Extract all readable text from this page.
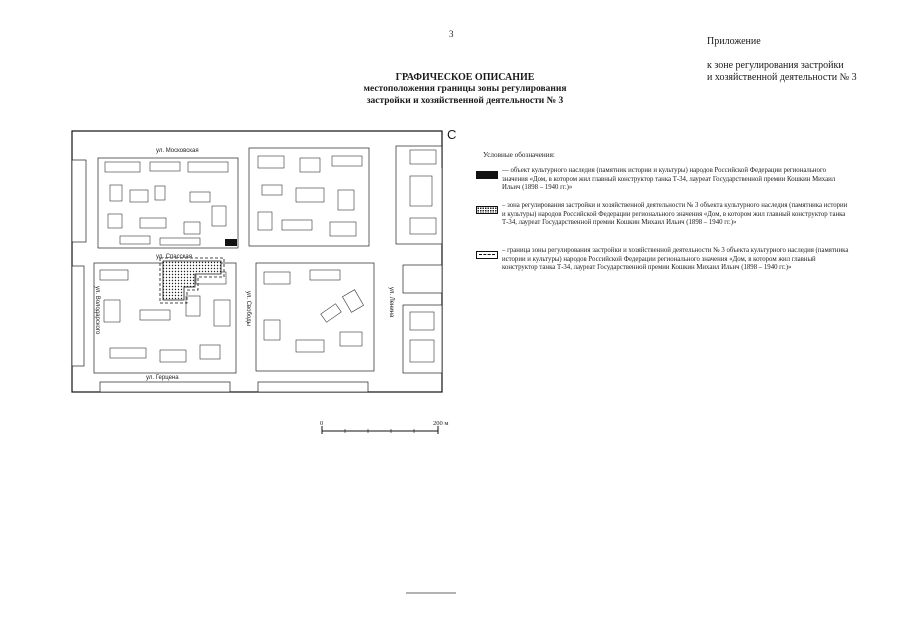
3
Приложение
к зоне регулирования застройки
и хозяйственной деятельности № 3
ГРАФИЧЕСКОЕ ОПИСАНИЕ
местоположения границы зоны регулирования
застройки и хозяйственной деятельности № 3
ул. Московская
ул. Спасская
ул. Герцена
ул. Володарского	ул. Свободы	ул. Ленина
0	200 м
С
Условные обозначения:
— объект культурного наследия (памятник истории и культуры) народов Российской Федерации регионального значения «Дом, в котором жил главный конструктор танка Т-34, лауреат Государственной премии Кошкин Михаил Ильич (1898 – 1940 гг.)»
– зона регулирования застройки и хозяйственной деятельности № 3 объекта культурного наследия (памятника истории и культуры) народов Российской Федерации регионального значения «Дом, в котором жил главный конструктор танка Т-34, лауреат Государственной премии Кошкин Михаил Ильич (1898 – 1940 гг.)»
– граница зоны регулирования застройки и хозяйственной деятельности № 3 объекта культурного наследия (памятника истории и культуры) народов Российской Федерации регионального значения «Дом, в котором жил главный конструктор танка Т-34, лауреат Государственной премии Кошкин Михаил Ильич (1898 – 1940 гг.)»
